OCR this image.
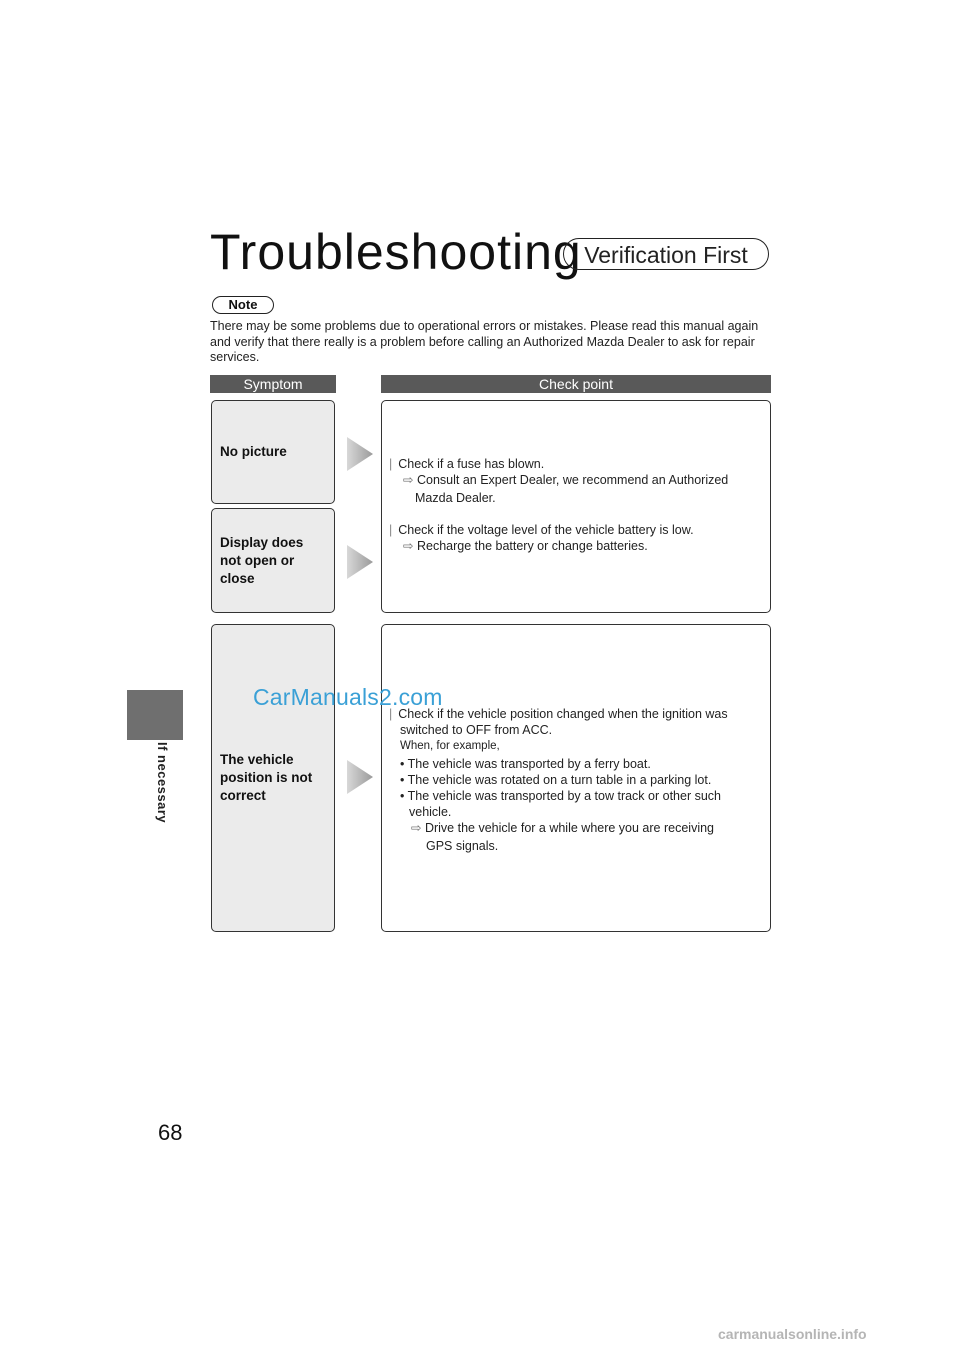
If necessary
68
Troubleshooting Verification First
Note
There may be some problems due to operational errors or mistakes. Please read this manual again and verify that there really is a problem before calling an Authorized Mazda Dealer to ask for repair services.
Symptom	Check point
No picture
Display does not open or close
The vehicle position is not correct
| Check if a fuse has blown.
⇨ Consult an Expert Dealer, we recommend an Authorized
Mazda Dealer.
| Check if the voltage level of the vehicle battery is low.
⇨ Recharge the battery or change batteries.
| Check if the vehicle position changed when the ignition was
switched to OFF from ACC.
When, for example,
• The vehicle was transported by a ferry boat.
• The vehicle was rotated on a turn table in a parking lot.
• The vehicle was transported by a tow track or other such
vehicle.
⇨ Drive the vehicle for a while where you are receiving
GPS signals.
CarManuals2.com
carmanualsonline.info
